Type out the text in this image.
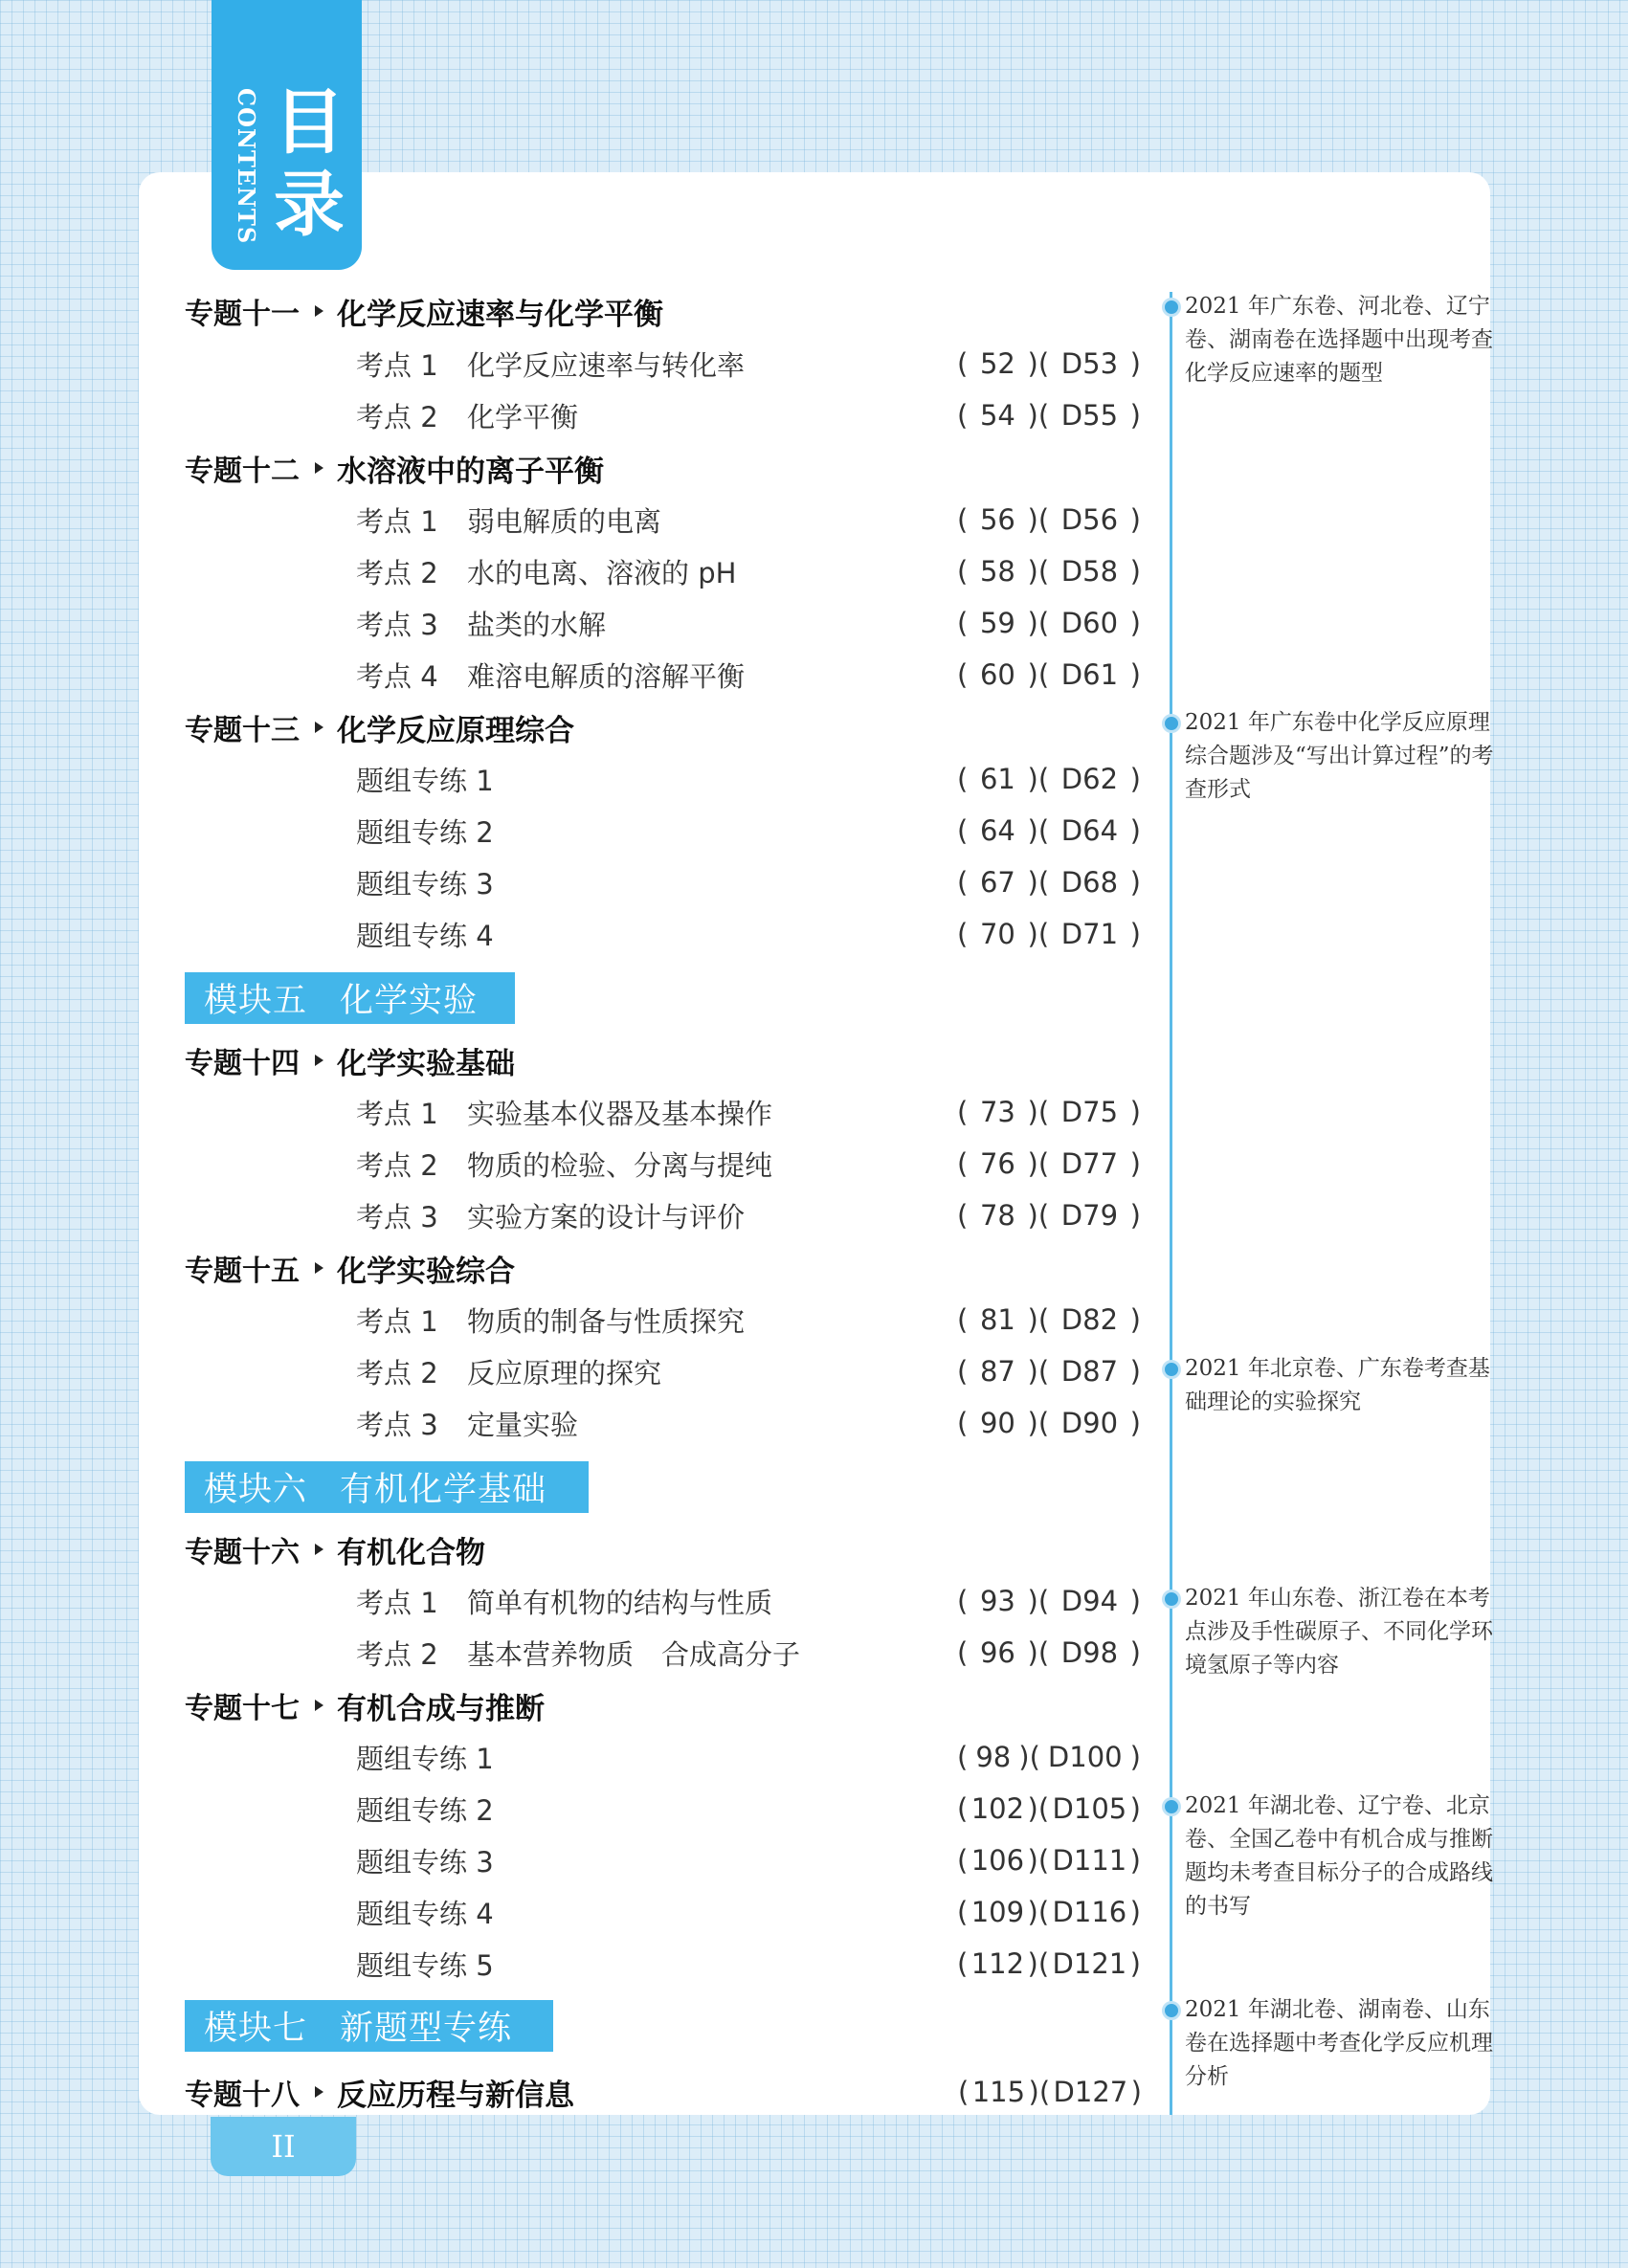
目录
CONTENTS
专题十一	化学反应速率与化学平衡
考点 1	化学反应速率与转化率	( 52 )( D53 )
考点 2	化学平衡	( 54 )( D55 )
专题十二	水溶液中的离子平衡
考点 1	弱电解质的电离	( 56 )( D56 )
考点 2	水的电离、溶液的 pH	( 58 )( D58 )
考点 3	盐类的水解	( 59 )( D60 )
考点 4	难溶电解质的溶解平衡	( 60 )( D61 )
专题十三	化学反应原理综合
题组专练 1	( 61 )( D62 )
题组专练 2	( 64 )( D64 )
题组专练 3	( 67 )( D68 )
题组专练 4	( 70 )( D71 )
专题十四	化学实验基础
考点 1	实验基本仪器及基本操作	( 73 )( D75 )
考点 2	物质的检验、分离与提纯	( 76 )( D77 )
考点 3	实验方案的设计与评价	( 78 )( D79 )
专题十五	化学实验综合
考点 1	物质的制备与性质探究	( 81 )( D82 )
考点 2	反应原理的探究	( 87 )( D87 )
考点 3	定量实验	( 90 )( D90 )
专题十六	有机化合物
考点 1	简单有机物的结构与性质	( 93 )( D94 )
考点 2	基本营养物质　合成高分子	( 96 )( D98 )
专题十七	有机合成与推断
题组专练 1	( 98 )( D100 )
题组专练 2	( 102 )( D105 )
题组专练 3	( 106 )( D111 )
题组专练 4	( 109 )( D116 )
题组专练 5	( 112 )( D121 )
专题十八	反应历程与新信息	( 115 )( D127 )
模块五 化学实验
模块六 有机化学基础
模块七 新题型专练
2021 年广东卷、河北卷、辽宁卷、湖南卷在选择题中出现考查化学反应速率的题型
2021 年广东卷中化学反应原理综合题涉及“写出计算过程”的考查形式
2021 年北京卷、广东卷考查基础理论的实验探究
2021 年山东卷、浙江卷在本考点涉及手性碳原子、不同化学环境氢原子等内容
2021 年湖北卷、辽宁卷、北京卷、全国乙卷中有机合成与推断题均未考查目标分子的合成路线的书写
2021 年湖北卷、湖南卷、山东卷在选择题中考查化学反应机理分析
II
